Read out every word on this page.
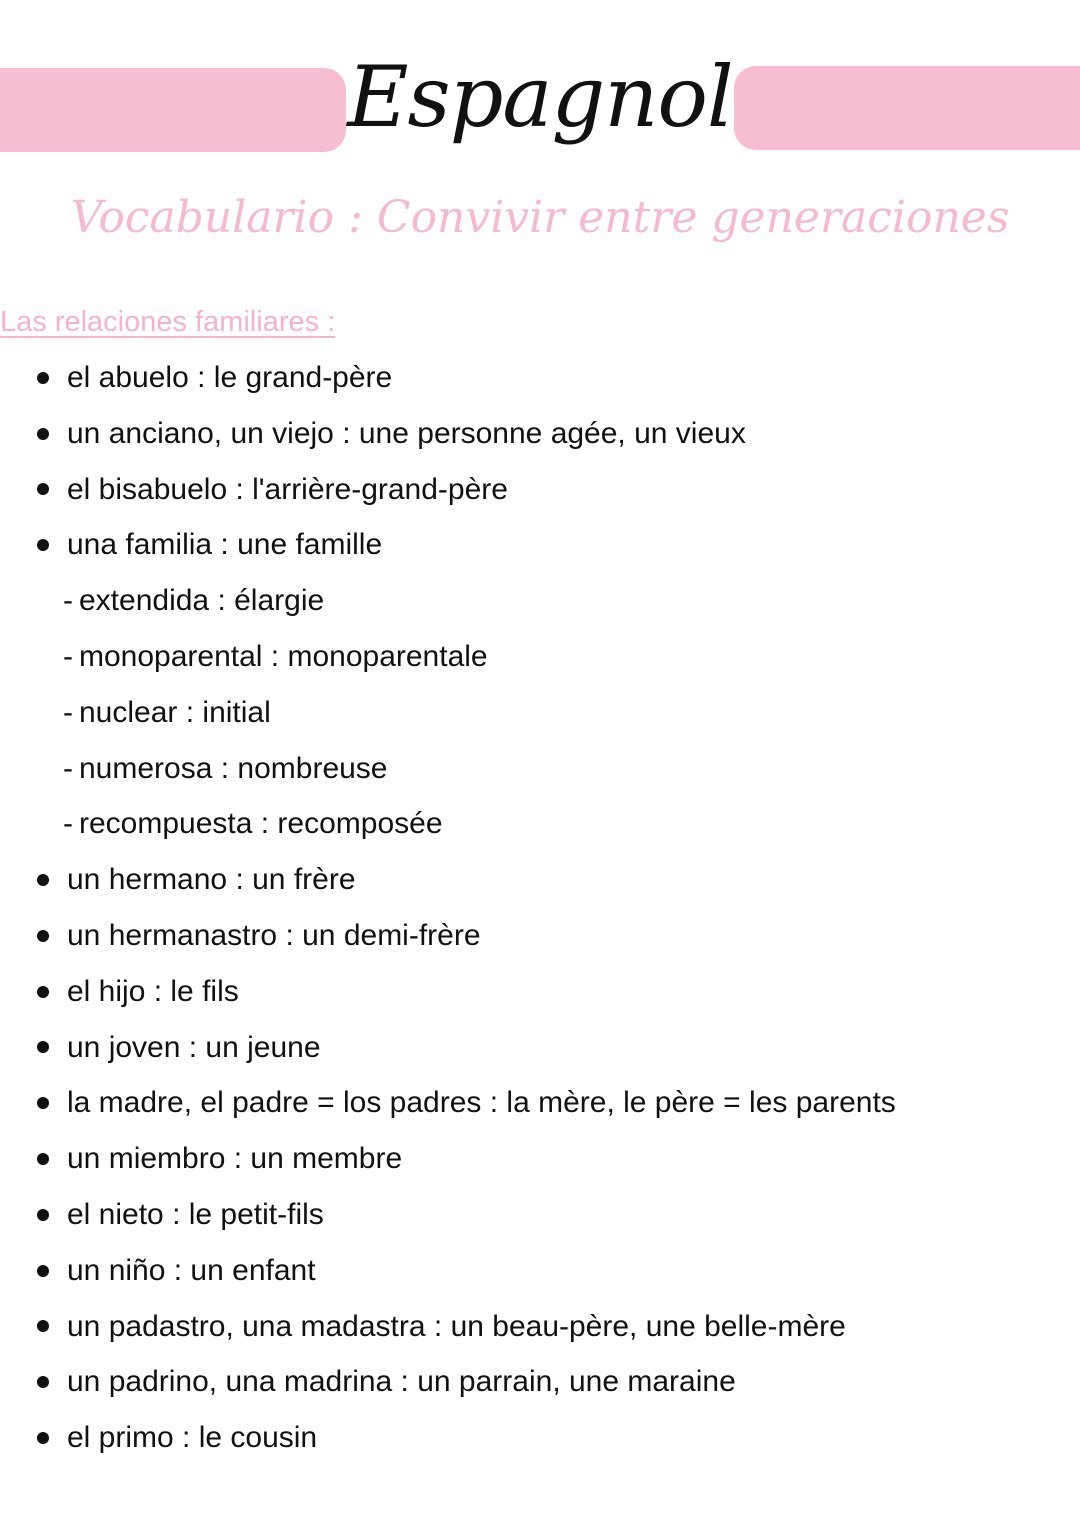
Espagnol
Vocabulario : Convivir entre generaciones
Las relaciones familiares :
el abuelo : le grand-père
un anciano, un viejo : une personne agée, un vieux
el bisabuelo : l'arrière-grand-père
una familia : une famille
- extendida : élargie
- monoparental : monoparentale
- nuclear : initial
- numerosa : nombreuse
- recompuesta : recomposée
un hermano : un frère
un hermanastro : un demi-frère
el hijo : le fils
un joven : un jeune
la madre, el padre = los padres : la mère, le père = les parents
un miembro : un membre
el nieto : le petit-fils
un niño : un enfant
un padastro, una madastra : un beau-père, une belle-mère
un padrino, una madrina : un parrain, une maraine
el primo : le cousin
